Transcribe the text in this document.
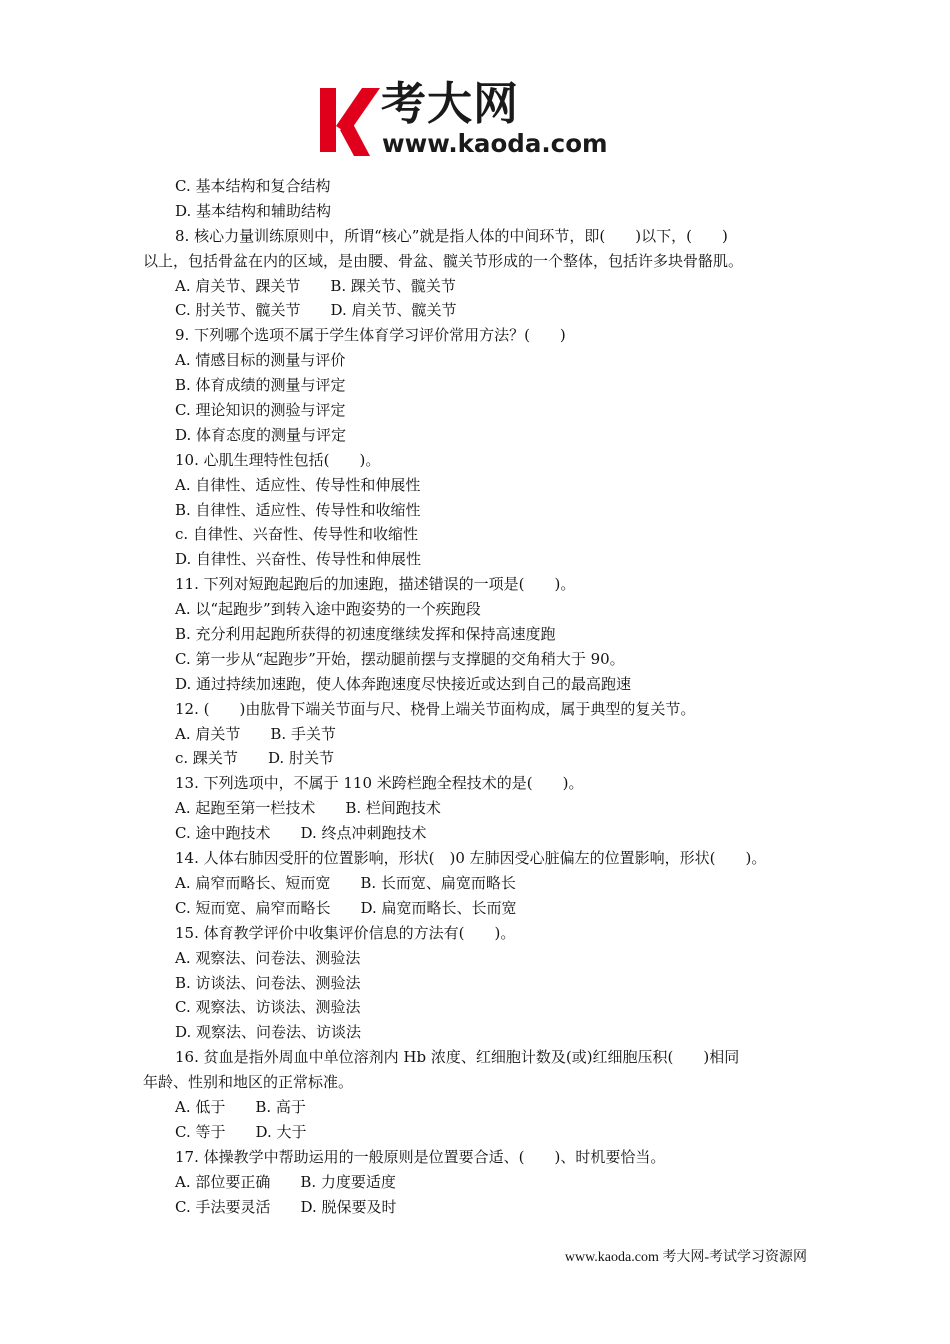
考大网
www.kaoda.com
C. 基本结构和复合结构
D. 基本结构和辅助结构
8. 核心力量训练原则中，所谓“核心”就是指人体的中间环节，即(　　)以下，(　　)
以上，包括骨盆在内的区域，是由腰、骨盆、髋关节形成的一个整体，包括许多块骨骼肌。
A. 肩关节、踝关节　　B. 踝关节、髋关节
C. 肘关节、髋关节　　D. 肩关节、髋关节
9. 下列哪个选项不属于学生体育学习评价常用方法？(　　)
A. 情感目标的测量与评价
B. 体育成绩的测量与评定
C. 理论知识的测验与评定
D. 体育态度的测量与评定
10. 心肌生理特性包括(　　)。
A. 自律性、适应性、传导性和伸展性
B. 自律性、适应性、传导性和收缩性
c. 自律性、兴奋性、传导性和收缩性
D. 自律性、兴奋性、传导性和伸展性
11. 下列对短跑起跑后的加速跑，描述错误的一项是(　　)。
A. 以“起跑步”到转入途中跑姿势的一个疾跑段
B. 充分利用起跑所获得的初速度继续发挥和保持高速度跑
C. 第一步从“起跑步”开始，摆动腿前摆与支撑腿的交角稍大于 90。
D. 通过持续加速跑，使人体奔跑速度尽快接近或达到自己的最高跑速
12. (　　)由肱骨下端关节面与尺、桡骨上端关节面构成，属于典型的复关节。
A. 肩关节　　B. 手关节
c. 踝关节　　D. 肘关节
13. 下列选项中，不属于 110 米跨栏跑全程技术的是(　　)。
A. 起跑至第一栏技术　　B. 栏间跑技术
C. 途中跑技术　　D. 终点冲刺跑技术
14. 人体右肺因受肝的位置影响，形状(　)0 左肺因受心脏偏左的位置影响，形状(　　)。
A. 扁窄而略长、短而宽　　B. 长而宽、扁宽而略长
C. 短而宽、扁窄而略长　　D. 扁宽而略长、长而宽
15. 体育教学评价中收集评价信息的方法有(　　)。
A. 观察法、问卷法、测验法
B. 访谈法、问卷法、测验法
C. 观察法、访谈法、测验法
D. 观察法、问卷法、访谈法
16. 贫血是指外周血中单位溶剂内 Hb 浓度、红细胞计数及(或)红细胞压积(　　)相同
年龄、性别和地区的正常标准。
A. 低于　　B. 高于
C. 等于　　D. 大于
17. 体操教学中帮助运用的一般原则是位置要合适、(　　)、时机要恰当。
A. 部位要正确　　B. 力度要适度
C. 手法要灵活　　D. 脱保要及时
www.kaoda.com 考大网-考试学习资源网
